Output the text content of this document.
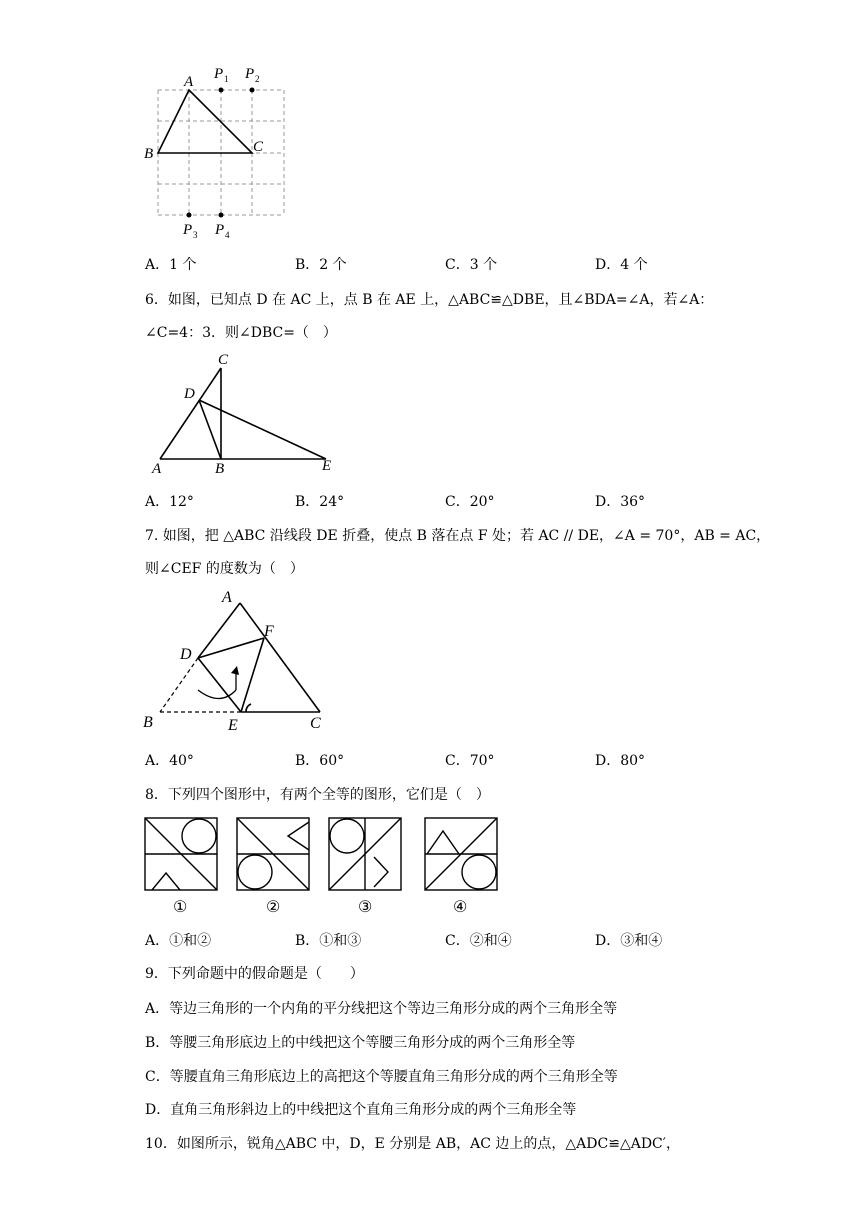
A
B	C
P 1 P 2
P 3 P 4
A．1 个	B．2 个	C．3 个	D．4 个
6．如图，已知点 D 在 AC 上，点 B 在 AE 上，△ABC≌△DBE，且∠BDA=∠A，若∠A：
∠C=4：3．则∠DBC=（　）
C
D
A	B	E
A．12°	B．24°	C．20°	D．36°
7. 如图，把 △ABC 沿线段 DE 折叠，使点 B 落在点 F 处；若 AC // DE，∠A = 70°，AB = AC，
则∠CEF 的度数为（　）
A
F
D
B	E	C
A．40°	B．60°	C．70°	D．80°
8．下列四个图形中，有两个全等的图形，它们是（　）
①	②	③	④
A．①和②	B．①和③	C．②和④	D．③和④
9．下列命题中的假命题是（　　）
A．等边三角形的一个内角的平分线把这个等边三角形分成的两个三角形全等
B．等腰三角形底边上的中线把这个等腰三角形分成的两个三角形全等
C．等腰直角三角形底边上的高把这个等腰直角三角形分成的两个三角形全等
D．直角三角形斜边上的中线把这个直角三角形分成的两个三角形全等
10．如图所示，锐角△ABC 中，D，E 分别是 AB，AC 边上的点，△ADC≌△ADC′，
